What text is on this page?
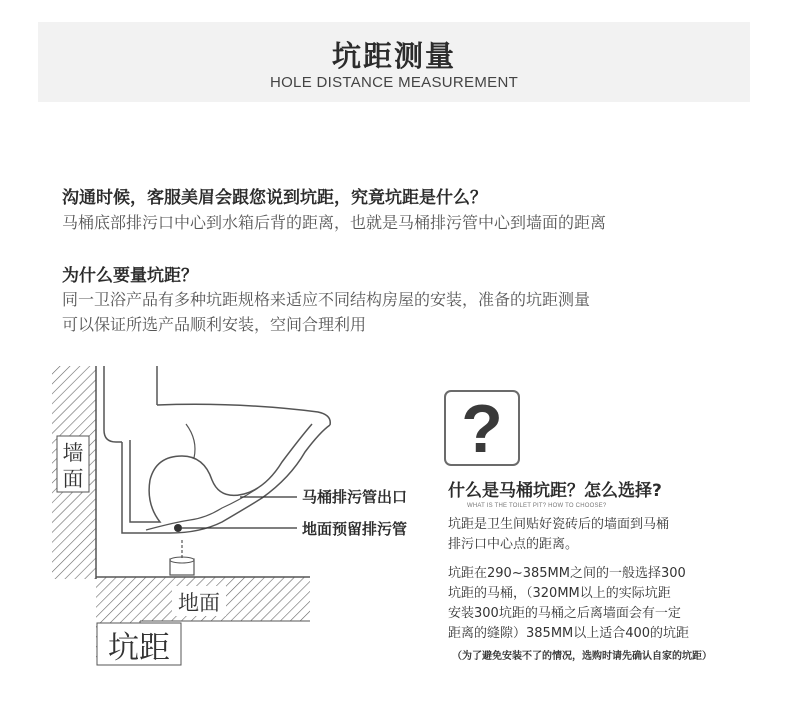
坑距测量
HOLE DISTANCE MEASUREMENT
沟通时候，客服美眉会跟您说到坑距，究竟坑距是什么？
马桶底部排污口中心到水箱后背的距离，也就是马桶排污管中心到墙面的距离
为什么要量坑距？
同一卫浴产品有多种坑距规格来适应不同结构房屋的安装，准备的坑距测量
可以保证所选产品顺利安装，空间合理利用
墙
面
地面
坑距
马桶排污管出口
地面预留排污管
?
什么是马桶坑距？怎么选择?
WHAT IS THE TOILET PIT? HOW TO CHOOSE?
坑距是卫生间贴好瓷砖后的墙面到马桶
排污口中心点的距离。
坑距在290~385MM之间的一般选择300
坑距的马桶，（320MM以上的实际坑距
安装300坑距的马桶之后离墙面会有一定
距离的缝隙）385MM以上适合400的坑距
（为了避免安装不了的情况，选购时请先确认自家的坑距）
